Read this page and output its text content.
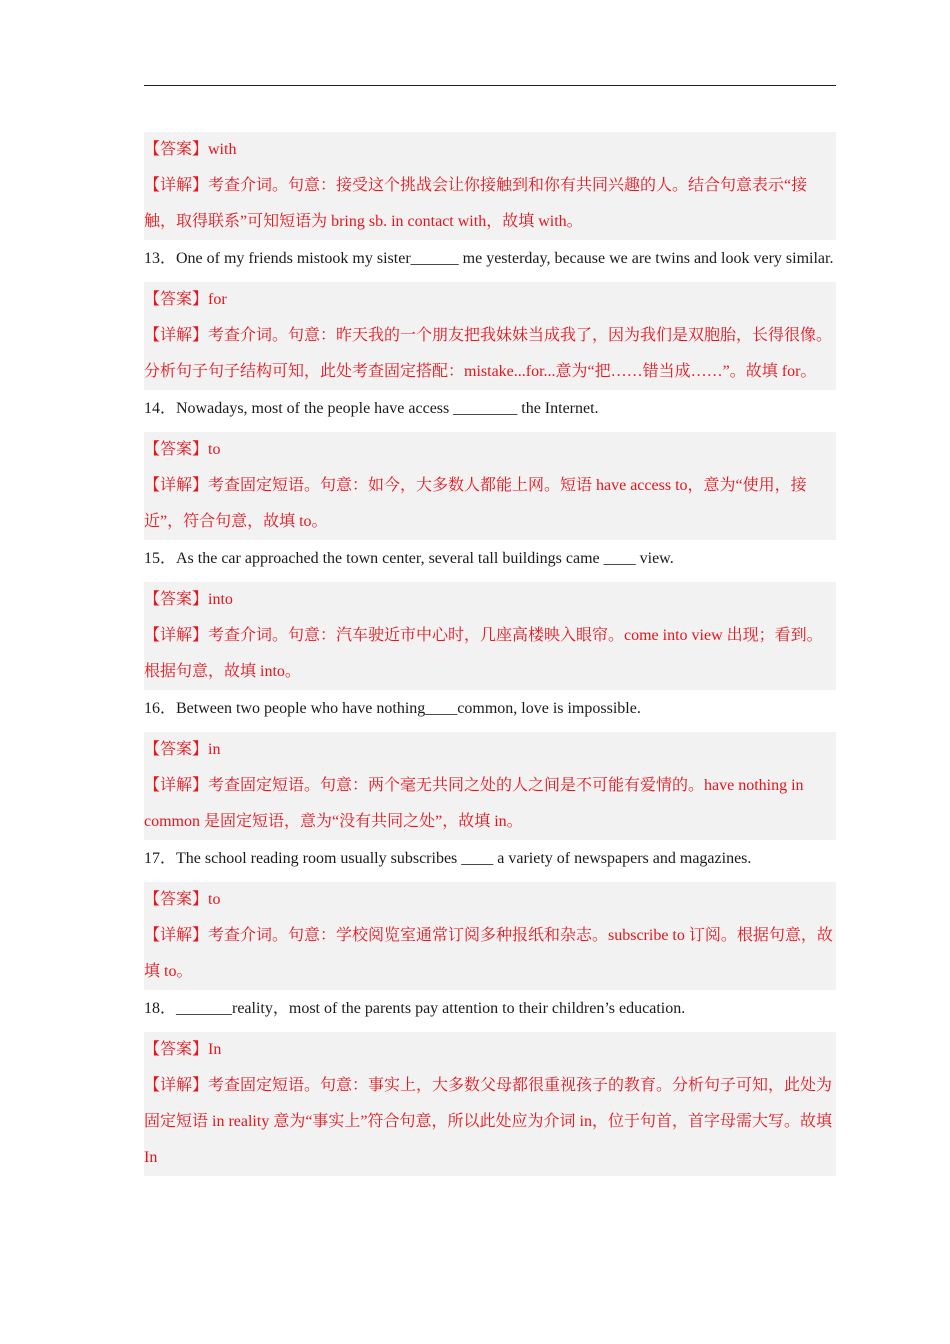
【答案】with

【详解】考查介词。句意：接受这个挑战会让你接触到和你有共同兴趣的人。结合句意表示“接触，取得联系”可知短语为 bring sb. in contact with，故填 with。

13．One of my friends mistook my sister______ me yesterday, because we are twins and look very similar.

【答案】for

【详解】考查介词。句意：昨天我的一个朋友把我妹妹当成我了，因为我们是双胞胎，长得很像。分析句子句子结构可知，此处考查固定搭配：mistake...for...意为“把……错当成……”。故填 for。

14．Nowadays, most of the people have access ________ the Internet.

【答案】to

【详解】考查固定短语。句意：如今，大多数人都能上网。短语 have access to，意为“使用，接近”，符合句意，故填 to。

15．As the car approached the town center, several tall buildings came ____ view.

【答案】into

【详解】考查介词。句意：汽车驶近市中心时，几座高楼映入眼帘。come into view 出现；看到。根据句意，故填 into。

16．Between two people who have nothing____common, love is impossible.

【答案】in

【详解】考查固定短语。句意：两个毫无共同之处的人之间是不可能有爱情的。have nothing in common 是固定短语，意为“没有共同之处”，故填 in。

17．The school reading room usually subscribes ____ a variety of newspapers and magazines.

【答案】to

【详解】考查介词。句意：学校阅览室通常订阅多种报纸和杂志。subscribe to 订阅。根据句意，故填 to。

18．_______reality，most of the parents pay attention to their children’s education.

【答案】In

【详解】考查固定短语。句意：事实上，大多数父母都很重视孩子的教育。分析句子可知，此处为固定短语 in reality 意为“事实上”符合句意，所以此处应为介词 in，位于句首，首字母需大写。故填 In
